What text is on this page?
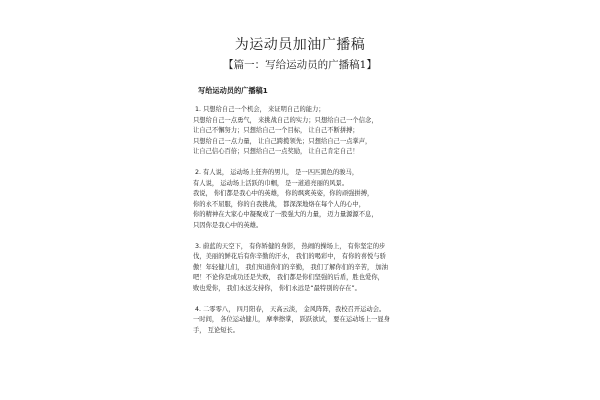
为运动员加油广播稿
【篇一：写给运动员的广播稿1】
写给运动员的广播稿1
1. 只想给自己一个机会， 来证明自己的能力；
只想给自己一点勇气， 来挑战自己的实力；只想给自己一个信念，
让自己不懈努力；只想给自己一个目标， 让自己不断拼搏；
只想给自己一点力量， 让自己跨揽领先；只想给自己一点掌声，
让自己信心百倍；只想给自己一点奖励， 让自己肯定自己！
2. 有人说， 运动场上狂奔的男儿， 是一匹匹黑色的骏马，
有人说， 运动场上活跃的巾帼， 是一道道亮丽的风景。
我说， 你们都是我心中的英雄， 你的飒爽英姿，你的顽强拼搏，
你的永不屈服，你的自我挑战， 都深深地烙在每个人的心中，
你的精神在大家心中凝聚成了一股强大的力量， 迈力量源源不息，
只因你是我心中的英雄。
3. 蔚蓝的天空下， 有你矫健的身影， 热闹的操场上， 有你坚定的步
伐，美丽的鲜花后有你辛勤的汗水， 我们的喝彩中， 有你的喜悦与骄
傲！年轻健儿们， 我们知道你们的辛勤， 我们了解你们的辛苦， 加油
吧！不论你是成功还是失败， 我们都是你们坚强的后盾，胜也爱你，
败也爱你， 我们永远支持你， 你们永远是“最特别的存在”。
4. 二零零八， 四月阳春， 天高云淡， 金风阵阵，我校召开运动会。
一时间， 各位运动健儿， 摩拳擦掌， 跃跃欲试， 要在运动场上一显身
手， 互论短长。
